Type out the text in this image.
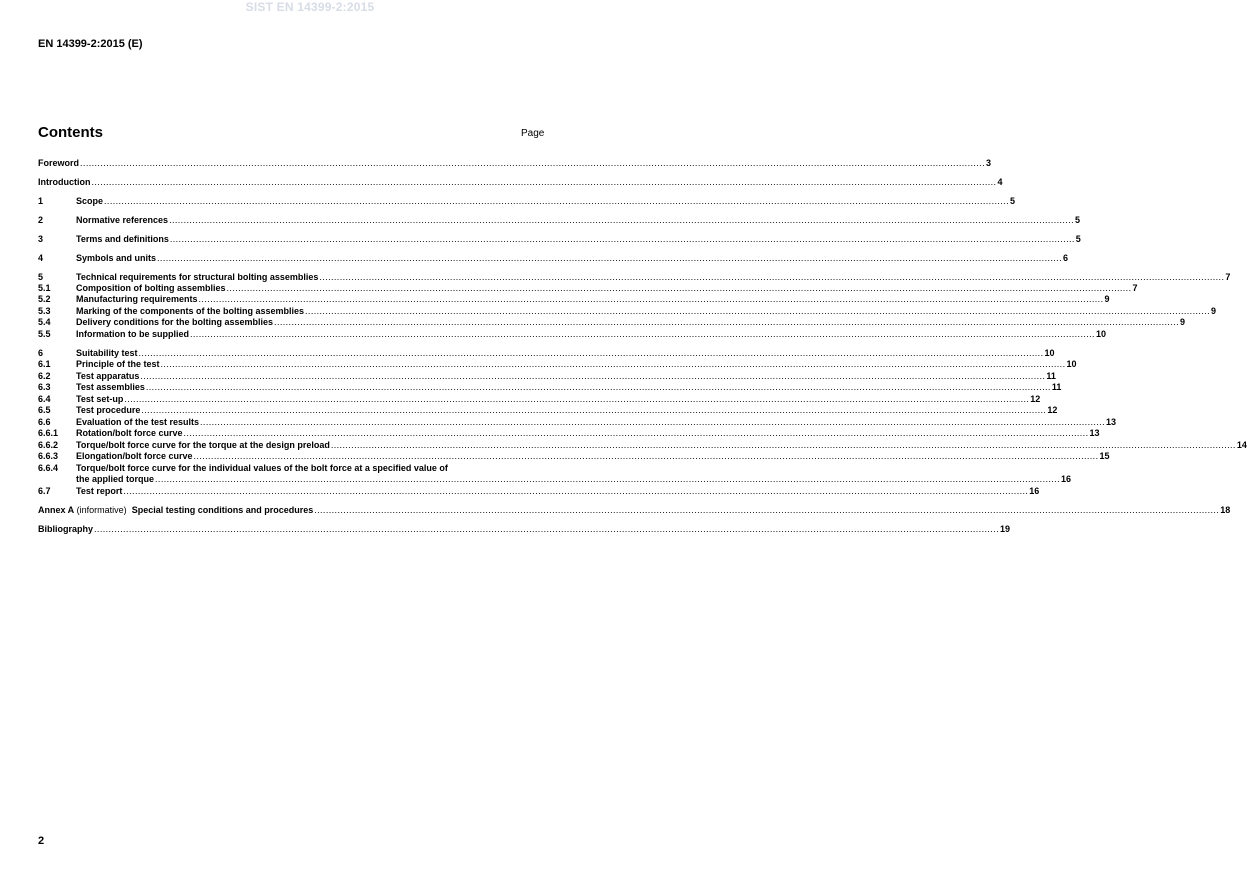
SIST EN 14399-2:2015
EN 14399-2:2015 (E)
Contents	Page
Foreword .....	3
Introduction .....	4
1	Scope .....	5
2	Normative references .....	5
3	Terms and definitions .....	5
4	Symbols and units .....	6
5	Technical requirements for structural bolting assemblies .....	7
5.1	Composition of bolting assemblies .....	7
5.2	Manufacturing requirements .....	9
5.3	Marking of the components of the bolting assemblies .....	9
5.4	Delivery conditions for the bolting assemblies .....	9
5.5	Information to be supplied .....	10
6	Suitability test .....	10
6.1	Principle of the test .....	10
6.2	Test apparatus .....	11
6.3	Test assemblies .....	11
6.4	Test set-up .....	12
6.5	Test procedure .....	12
6.6	Evaluation of the test results .....	13
6.6.1	Rotation/bolt force curve .....	13
6.6.2	Torque/bolt force curve for the torque at the design preload .....	14
6.6.3	Elongation/bolt force curve .....	15
6.6.4	Torque/bolt force curve for the individual values of the bolt force at a specified value of
the applied torque .....	16
6.7	Test report .....	16
Annex A (informative)  Special testing conditions and procedures .....	18
Bibliography .....	19
2
